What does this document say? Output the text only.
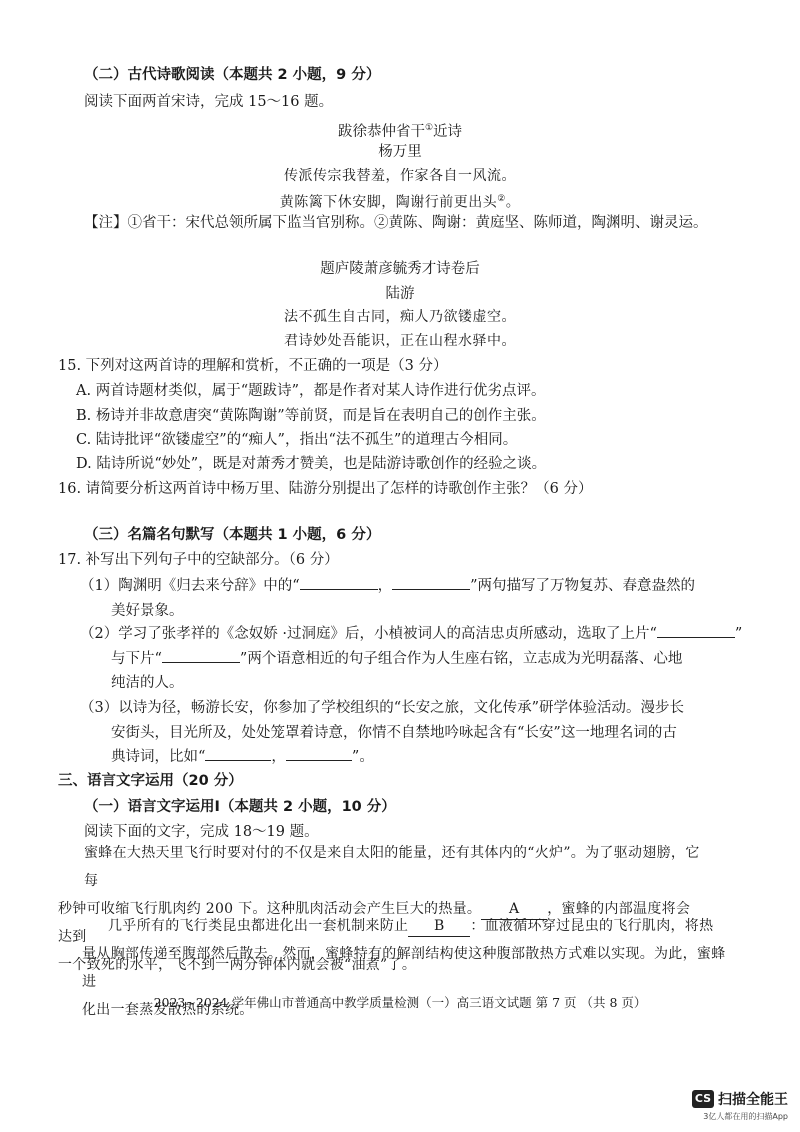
（二）古代诗歌阅读（本题共 2 小题，9 分）
阅读下面两首宋诗，完成 15～16 题。
跋徐恭仲省干①近诗
杨万里
传派传宗我替羞，作家各自一风流。
黄陈篱下休安脚，陶谢行前更出头②。
【注】①省干：宋代总领所属下监当官别称。②黄陈、陶谢：黄庭坚、陈师道，陶渊明、谢灵运。
题庐陵萧彦毓秀才诗卷后
陆游
法不孤生自古同，痴人乃欲镂虚空。
君诗妙处吾能识，正在山程水驿中。
15. 下列对这两首诗的理解和赏析，不正确的一项是（3 分）
A. 两首诗题材类似，属于“题跋诗”，都是作者对某人诗作进行优劣点评。
B. 杨诗并非故意唐突“黄陈陶谢”等前贤，而是旨在表明自己的创作主张。
C. 陆诗批评“欲镂虚空”的“痴人”，指出“法不孤生”的道理古今相同。
D. 陆诗所说“妙处”，既是对萧秀才赞美，也是陆游诗歌创作的经验之谈。
16. 请简要分析这两首诗中杨万里、陆游分别提出了怎样的诗歌创作主张？（6 分）
（三）名篇名句默写（本题共 1 小题，6 分）
17. 补写出下列句子中的空缺部分。（6 分）
（1）陶渊明《归去来兮辞》中的“	，	”两句描写了万物复苏、春意盎然的
美好景象。
（2）学习了张孝祥的《念奴娇 ·过洞庭》后，小楨被词人的高洁忠贞所感动，选取了上片“	”
与下片“	”两个语意相近的句子组合作为人生座右铭，立志成为光明磊落、心地
纯洁的人。
（3）以诗为径，畅游长安，你参加了学校组织的“长安之旅，文化传承”研学体验活动。漫步长
安街头，目光所及，处处笼罩着诗意，你情不自禁地吟咏起含有“长安”这一地理名词的古
典诗词，比如“	，	”。
三、语言文字运用（20 分）
（一）语言文字运用Ⅰ（本题共 2 小题，10 分）
阅读下面的文字，完成 18～19 题。
蜜蜂在大热天里飞行时要对付的不仅是来自太阳的能量，还有其体内的“火炉”。为了驱动翅膀，它每
秒钟可收缩飞行肌肉约 200 下。这种肌肉活动会产生巨大的热量。 A ，蜜蜂的内部温度将会达到
一个致死的水平，飞不到一两分钟体内就会被“油煮”了。
几乎所有的飞行类昆虫都进化出一套机制来防止 B ：血液循环穿过昆虫的飞行肌肉，将热
量从胸部传递至腹部然后散去。然而，蜜蜂特有的解剖结构使这种腹部散热方式难以实现。为此，蜜蜂进
化出一套蒸发散热的系统。
2023~2024 学年佛山市普通高中教学质量检测（一）高三语文试题 第 7 页 （共 8 页）
CS 扫描全能王
3亿人都在用的扫描App
